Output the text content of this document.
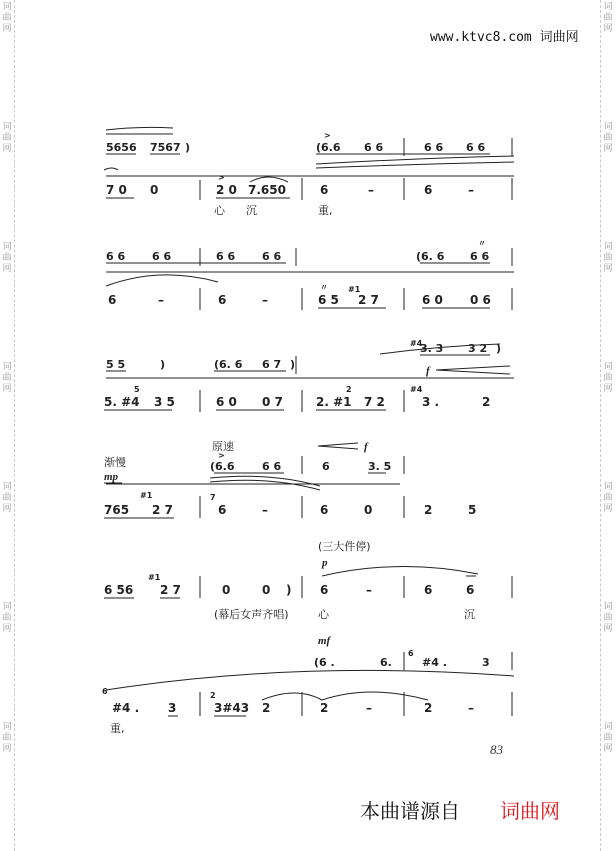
词
曲
网
词
曲
网
词
曲
网
词
曲
网
词
曲
网
词
曲
网
词
曲
网
词
曲
网
词
曲
网
词
曲
网
词
曲
网
词
曲
网
词
曲
网
词
曲
网
www.ktvc8.com 词曲网
5656 7567 )
>
(6.6 6 6	6 6 6 6
7 0 0
>
2 0 7.650	6	–	6	–
心 沉	重,
6 6 6 6	6 6 6 6	(6. 6 6 6
〃
6	–	6	–
〃
6 5
#1
2 7	6 0 0 6
5 5	)	(6. 6 6 7 )
#4
3. 3 3 2 )
f
5. #4
5
3 5	6 0 0 7	2. #1
2
7 2
#4
3 .	2
原速	f
渐慢
mp
>
(6.6 6 6	6	3. 5
765
#1
2 7
7
6	–	6	0	2	5
(三大件停)
p
6 56
#1
2 7	0	0 ) 6	–	6	6
(幕后女声齐唱)	心	沉
mf
(6 .	6.
6
#4 .	3
6
#4 . 3
2
3#43 2	2	–	2	–
重,
83
本曲谱源自 词曲网
